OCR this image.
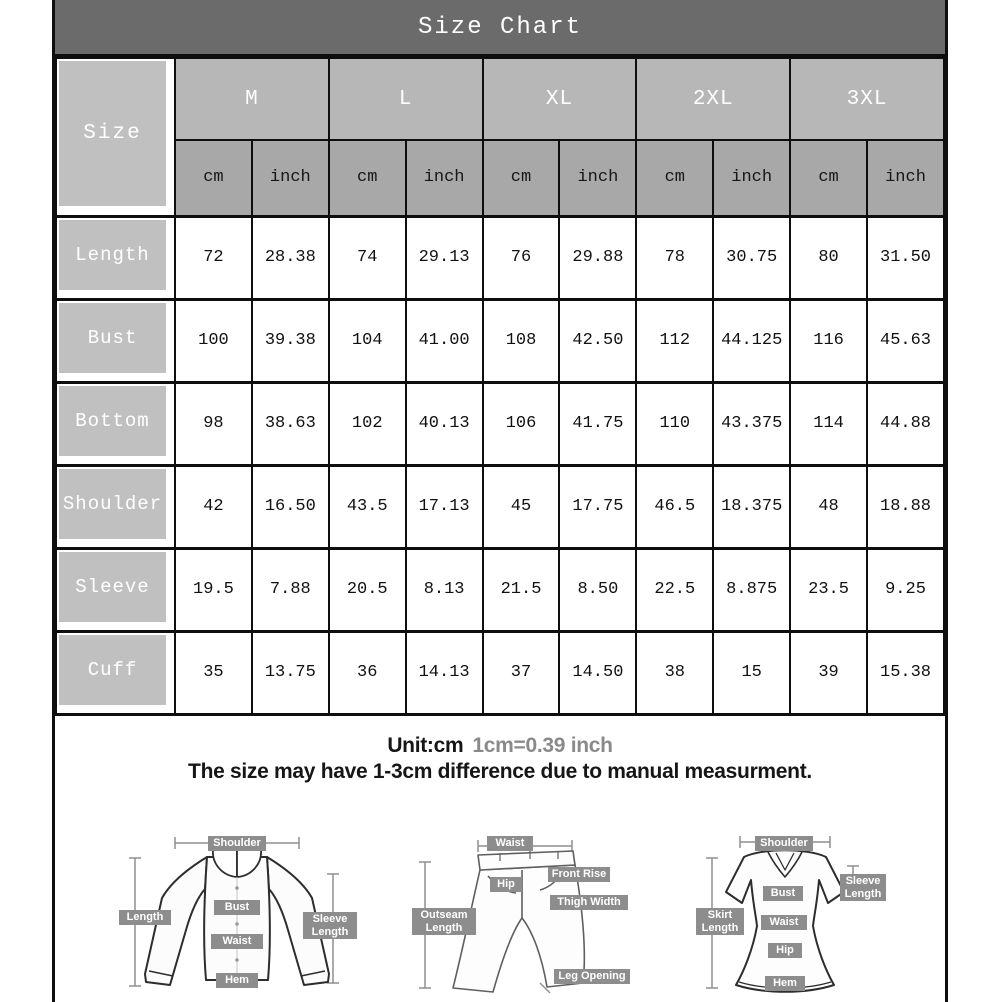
Size Chart
Size	M		L		XL		2XL		3XL	
	cm	inch	cm	inch	cm	inch	cm	inch	cm	inch

Length	72	28.38	74	29.13	76	29.88	78	30.75	80	31.50

Bust	100	39.38	104	41.00	108	42.50	112	44.125	116	45.63

Bottom	98	38.63	102	40.13	106	41.75	110	43.375	114	44.88

Shoulder	42	16.50	43.5	17.13	45	17.75	46.5	18.375	48	18.88

Sleeve	19.5	7.88	20.5	8.13	21.5	8.50	22.5	8.875	23.5	9.25

Cuff	35	13.75	36	14.13	37	14.50	38	15	39	15.38
Unit:cm 1cm=0.39 inch
The size may have 1-3cm difference due to manual measurment.
Shoulder
Length
Bust
Waist
Hem
Sleeve Length
Waist
Front Rise
Hip
Thigh Width
Outseam Length
Leg Opening
Shoulder
Sleeve Length
Bust
Waist
Hip
Hem
Skirt Length
